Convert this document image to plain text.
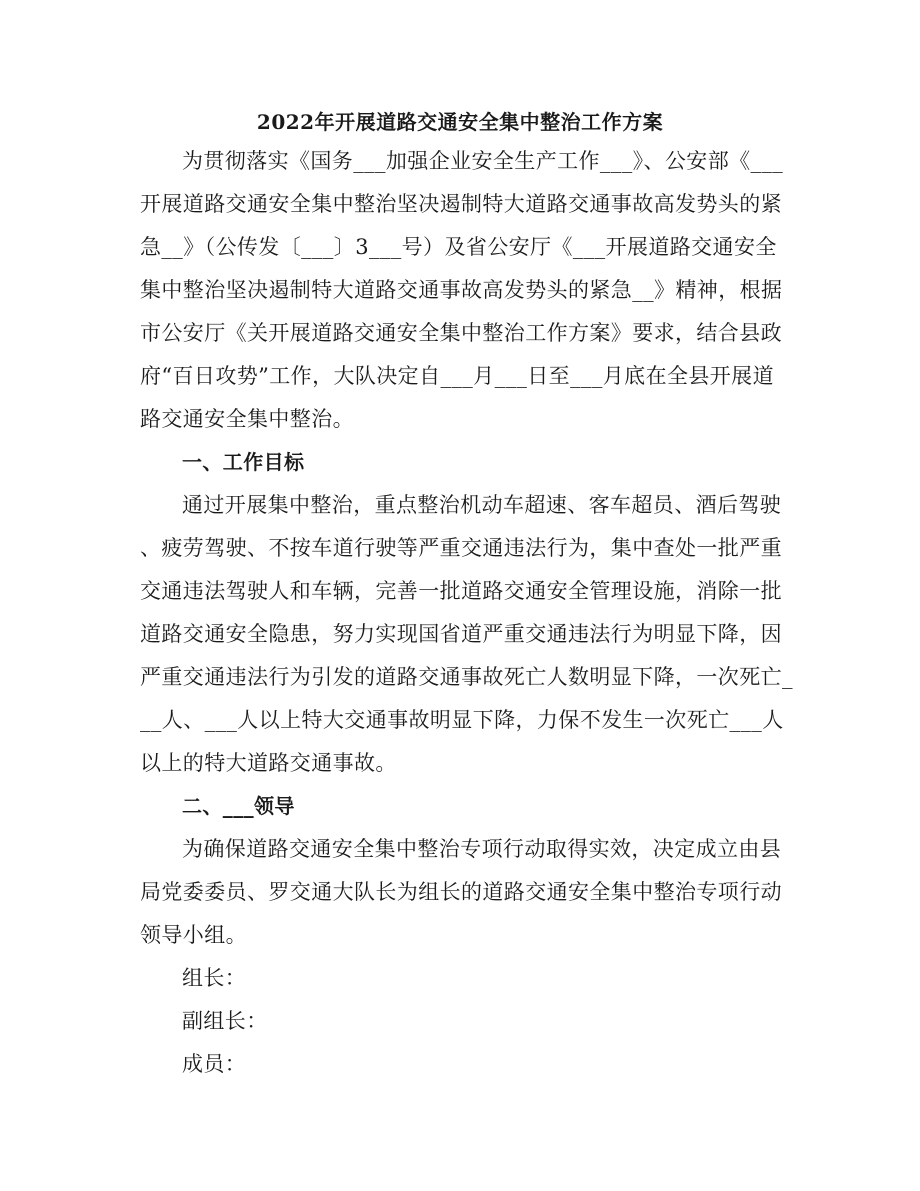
2022年开展道路交通安全集中整治工作方案
为贯彻落实《国务___加强企业安全生产工作___》、公安部《___
开展道路交通安全集中整治坚决遏制特大道路交通事故高发势头的紧
急__》（公传发〔___〕3___号）及省公安厅《___开展道路交通安全
集中整治坚决遏制特大道路交通事故高发势头的紧急__》精神，根据
市公安厅《关开展道路交通安全集中整治工作方案》要求，结合县政
府“百日攻势”工作，大队决定自___月___日至___月底在全县开展道
路交通安全集中整治。
一、工作目标
通过开展集中整治，重点整治机动车超速、客车超员、酒后驾驶
、疲劳驾驶、不按车道行驶等严重交通违法行为，集中查处一批严重
交通违法驾驶人和车辆，完善一批道路交通安全管理设施，消除一批
道路交通安全隐患，努力实现国省道严重交通违法行为明显下降，因
严重交通违法行为引发的道路交通事故死亡人数明显下降，一次死亡_
__人、___人以上特大交通事故明显下降，力保不发生一次死亡___人
以上的特大道路交通事故。
二、___领导
为确保道路交通安全集中整治专项行动取得实效，决定成立由县
局党委委员、罗交通大队长为组长的道路交通安全集中整治专项行动
领导小组。
组长：
副组长：
成员：
